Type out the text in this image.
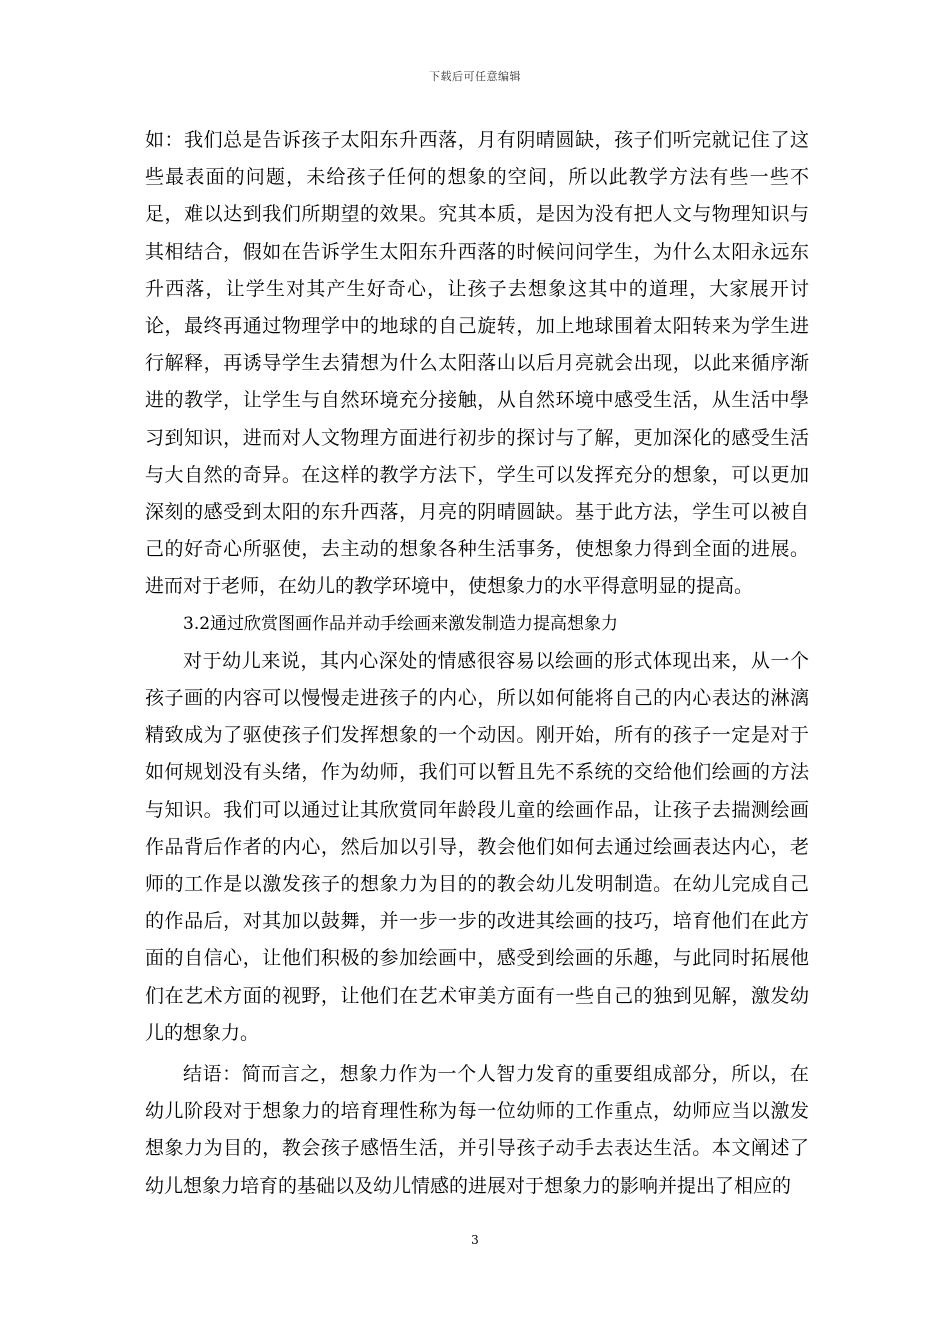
下载后可任意编辑

如：我们总是告诉孩子太阳东升西落，月有阴晴圆缺，孩子们听完就记住了这些最表面的问题，未给孩子任何的想象的空间，所以此教学方法有些一些不足，难以达到我们所期望的效果。究其本质，是因为没有把人文与物理知识与其相结合，假如在告诉学生太阳东升西落的时候问问学生，为什么太阳永远东升西落，让学生对其产生好奇心，让孩子去想象这其中的道理，大家展开讨论，最终再通过物理学中的地球的自己旋转，加上地球围着太阳转来为学生进行解释，再诱导学生去猜想为什么太阳落山以后月亮就会出现，以此来循序渐进的教学，让学生与自然环境充分接触，从自然环境中感受生活，从生活中學习到知识，进而对人文物理方面进行初步的探讨与了解，更加深化的感受生活与大自然的奇异。在这样的教学方法下，学生可以发挥充分的想象，可以更加深刻的感受到太阳的东升西落，月亮的阴晴圆缺。基于此方法，学生可以被自己的好奇心所驱使，去主动的想象各种生活事务，使想象力得到全面的进展。进而对于老师，在幼儿的教学环境中，使想象力的水平得意明显的提高。

3.2通过欣赏图画作品并动手绘画来激发制造力提高想象力

对于幼儿来说，其内心深处的情感很容易以绘画的形式体现出来，从一个孩子画的内容可以慢慢走进孩子的内心，所以如何能将自己的内心表达的淋漓精致成为了驱使孩子们发挥想象的一个动因。刚开始，所有的孩子一定是对于如何规划没有头绪，作为幼师，我们可以暂且先不系统的交给他们绘画的方法与知识。我们可以通过让其欣赏同年龄段儿童的绘画作品，让孩子去揣测绘画作品背后作者的内心，然后加以引导，教会他们如何去通过绘画表达内心，老师的工作是以激发孩子的想象力为目的的教会幼儿发明制造。在幼儿完成自己的作品后，对其加以鼓舞，并一步一步的改进其绘画的技巧，培育他们在此方面的自信心，让他们积极的参加绘画中，感受到绘画的乐趣，与此同时拓展他们在艺术方面的视野，让他们在艺术审美方面有一些自己的独到见解，激发幼儿的想象力。

结语：简而言之，想象力作为一个人智力发育的重要组成部分，所以，在幼儿阶段对于想象力的培育理性称为每一位幼师的工作重点，幼师应当以激发想象力为目的，教会孩子感悟生活，并引导孩子动手去表达生活。本文阐述了幼儿想象力培育的基础以及幼儿情感的进展对于想象力的影响并提出了相应的

3
